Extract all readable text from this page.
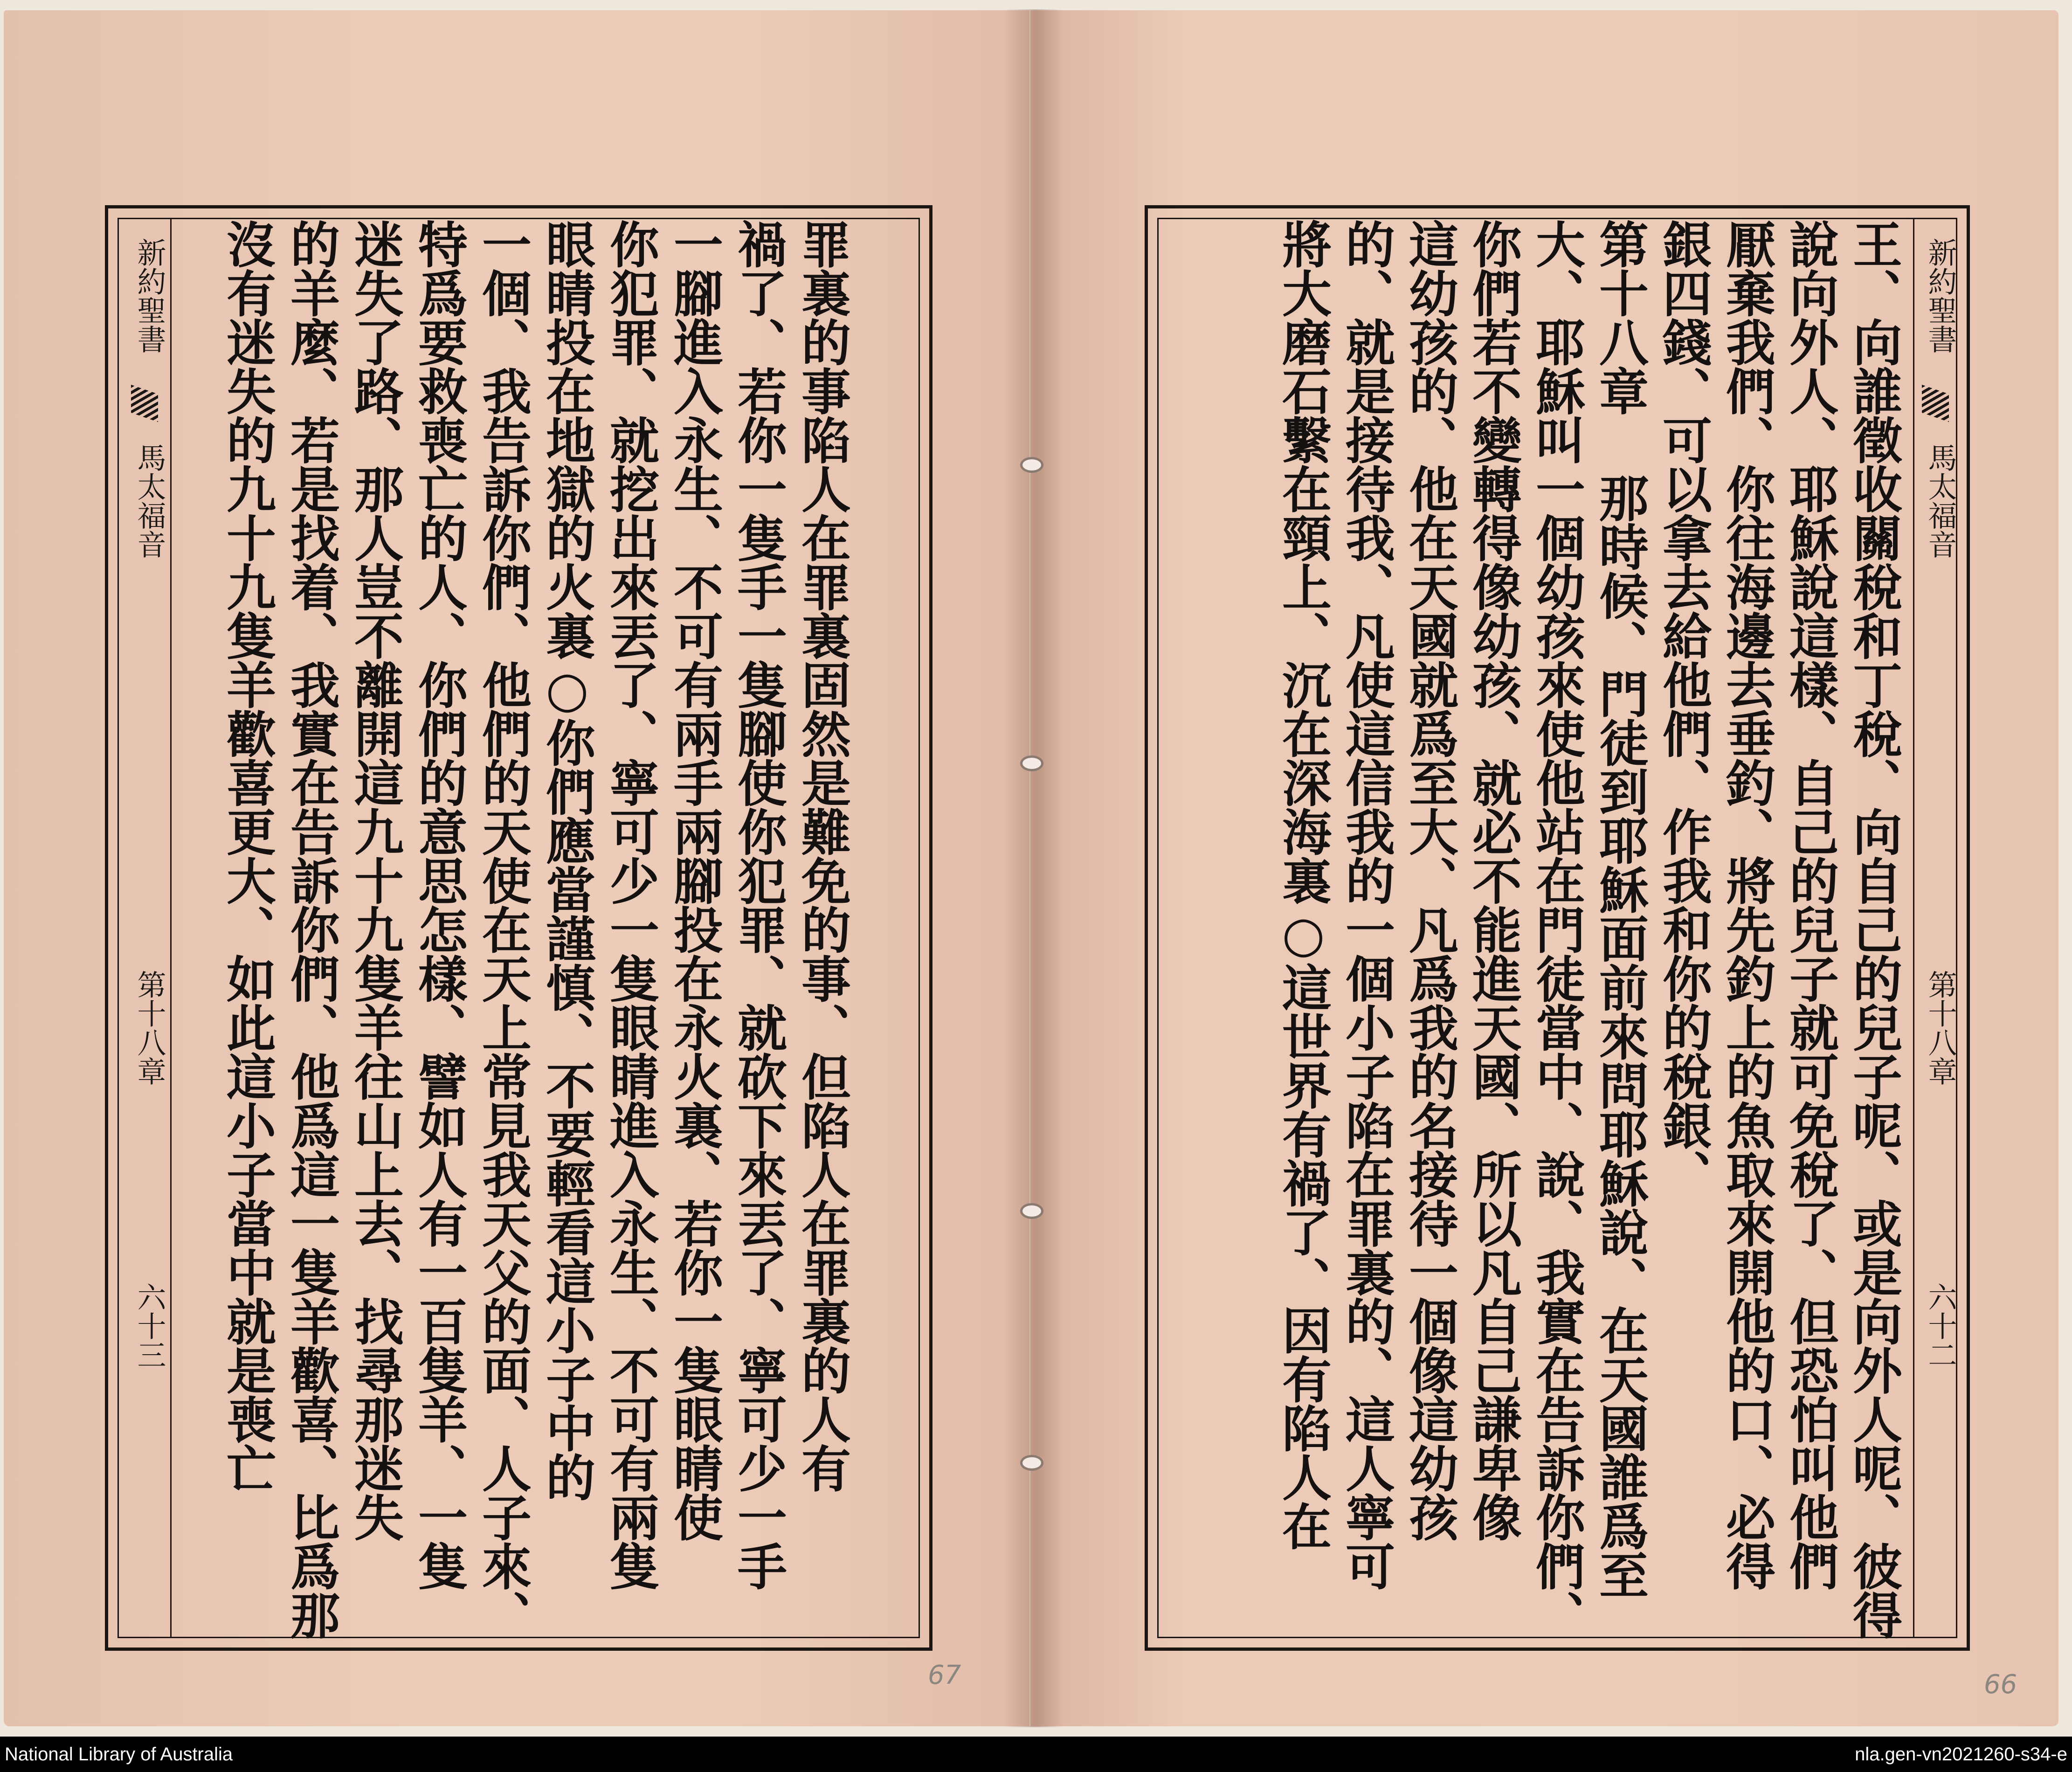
罪裏的事陷人在罪裏固然是難免的事、但陷人在罪裏的人有
禍了、若你一隻手一隻腳使你犯罪、就砍下來丟了、寧可少一手
一腳進入永生、不可有兩手兩腳投在永火裏、若你一隻眼睛使
你犯罪、就挖出來丟了、寧可少一隻眼睛進入永生、不可有兩隻
眼睛投在地獄的火裏○你們應當謹慎、不要輕看這小子中的
一個、我告訴你們、他們的天使在天上常見我天父的面、人子來、
特爲要救喪亡的人、你們的意思怎樣、譬如人有一百隻羊、一隻
迷失了路、那人豈不離開這九十九隻羊往山上去、找尋那迷失
的羊麼、若是找着、我實在告訴你們、他爲這一隻羊歡喜、比爲那
沒有迷失的九十九隻羊歡喜更大、如此這小子當中就是喪亡
新約聖書
馬太福音
第十八章
六十三
67
新約聖書
馬太福音
第十八章
六十二
王、向誰徵收關稅和丁稅、向自己的兒子呢、或是向外人呢、彼得
說向外人、耶穌說這樣、自己的兒子就可免稅了、但恐怕叫他們
厭棄我們、你往海邊去垂釣、將先釣上的魚取來開他的口、必得
銀四錢、可以拿去給他們、作我和你的稅銀、
第十八章 那時候、門徒到耶穌面前來問耶穌說、在天國誰爲至
大、耶穌叫一個幼孩來使他站在門徒當中、說、我實在告訴你們、
你們若不變轉得像幼孩、就必不能進天國、所以凡自己謙卑像
這幼孩的、他在天國就爲至大、凡爲我的名接待一個像這幼孩
的、就是接待我、凡使這信我的一個小子陷在罪裏的、這人寧可
將大磨石繫在頸上、沉在深海裏○這世界有禍了、因有陷人在
66
National Library of Australia	nla.gen-vn2021260-s34-e
